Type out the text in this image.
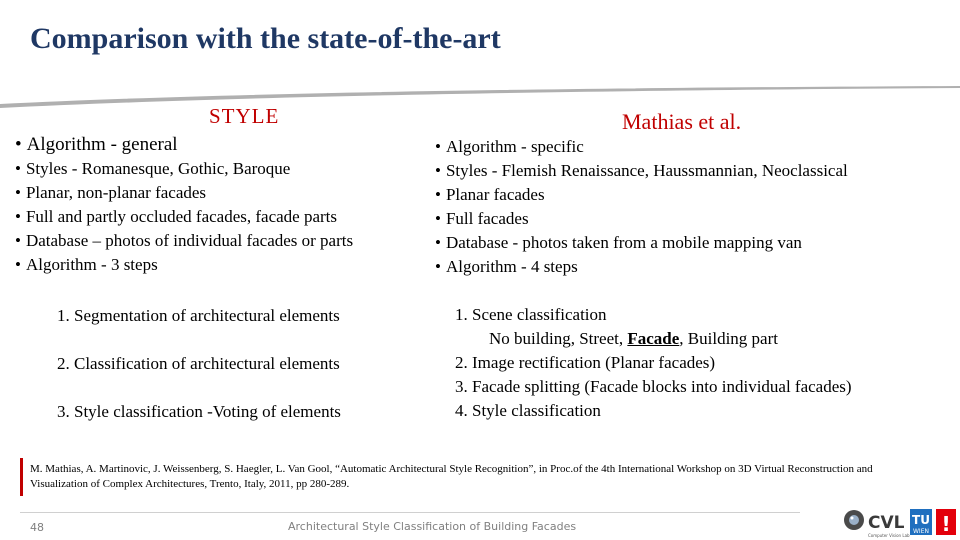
Comparison with the state-of-the-art
STYLE	Mathias et al.
• Algorithm - general
• Styles - Romanesque, Gothic, Baroque
• Planar, non-planar facades
• Full and partly occluded facades, facade parts
• Database – photos of individual facades or parts
• Algorithm - 3 steps
• Algorithm - specific
• Styles - Flemish Renaissance, Haussmannian, Neoclassical
• Planar facades
• Full facades
• Database - photos taken from a mobile mapping van
• Algorithm - 4 steps
1. Segmentation of architectural elements
2. Classification of architectural elements
3. Style classification -Voting of elements
1. Scene classification
No building, Street, Facade, Building part
2. Image rectification (Planar facades)
3. Facade splitting (Facade blocks into individual facades)
4. Style classification
M. Mathias, A. Martinovic, J. Weissenberg, S. Haegler, L. Van Gool, “Automatic Architectural Style Recognition”, in Proc.of the 4th International Workshop on 3D Virtual Reconstruction and Visualization of Complex Architectures, Trento, Italy, 2011, pp 280-289.
48	Architectural Style Classification of Building Facades	CVL TU
WIEN !
Computer Vision Lab
